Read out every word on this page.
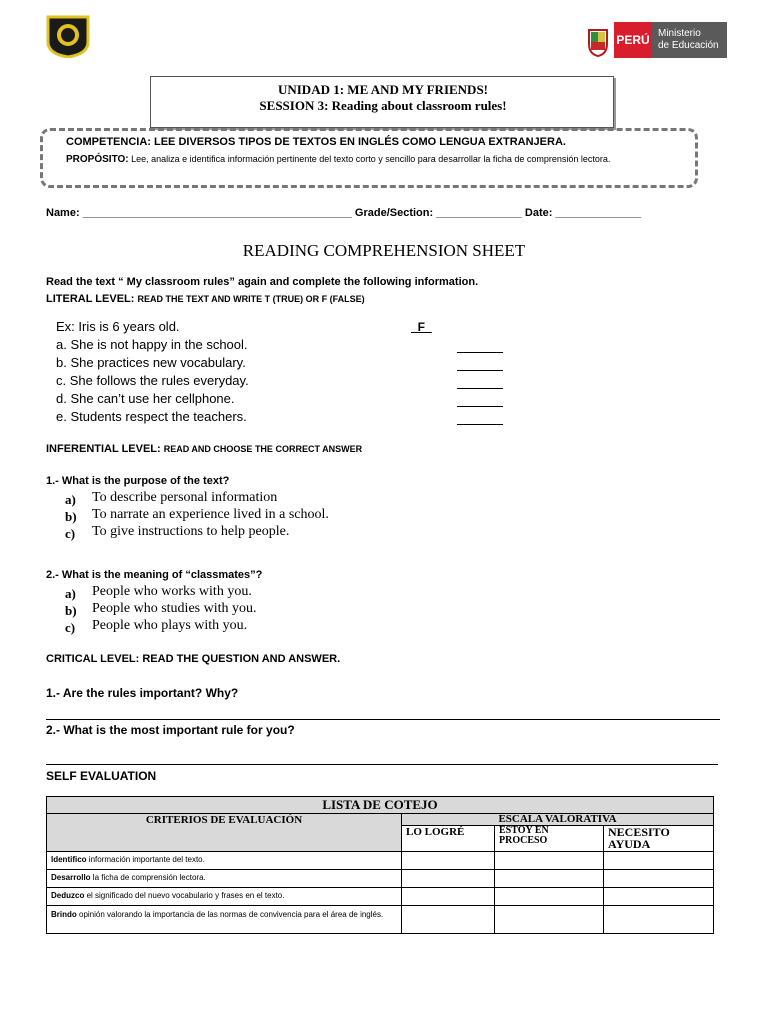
PERÚ Ministerio
de Educación
UNIDAD 1: ME AND MY FRIENDS!
SESSION 3: Reading about classroom rules!
COMPETENCIA: LEE DIVERSOS TIPOS DE TEXTOS EN INGLÉS COMO LENGUA EXTRANJERA.
PROPÓSITO: Lee, analiza e identifica información pertinente del texto corto y sencillo para desarrollar la ficha de comprensión lectora.
Name: ____________________________________________ Grade/Section: ______________ Date: ______________
READING COMPREHENSION SHEET
Read the text “ My classroom rules” again and complete the following information.
LITERAL LEVEL: READ THE TEXT AND WRITE T (TRUE) OR F (FALSE)
Ex: Iris is 6 years old.	F
a. She is not happy in the school.
b. She practices new vocabulary.
c. She follows the rules everyday.
d. She can’t use her cellphone.
e. Students respect the teachers.
INFERENTIAL LEVEL: READ AND CHOOSE THE CORRECT ANSWER
1.- What is the purpose of the text?
a) To describe personal information
b) To narrate an experience lived in a school.
c) To give instructions to help people.
2.- What is the meaning of “classmates”?
a) People who works with you.
b) People who studies with you.
c) People who plays with you.
CRITICAL LEVEL: READ THE QUESTION AND ANSWER.
1.- Are the rules important? Why?
2.- What is the most important rule for you?
SELF EVALUATION
LISTA DE COTEJO			
CRITERIOS DE EVALUACIÓN	ESCALA VALORATIVA		
	LO LOGRÉ	ESTOY EN PROCESO	NECESITO AYUDA
Identifico información importante del texto.			
Desarrollo la ficha de comprensión lectora.			
Deduzco el significado del nuevo vocabulario y frases en el texto.			
Brindo opinión valorando la importancia de las normas de convivencia para el área de inglés.			
